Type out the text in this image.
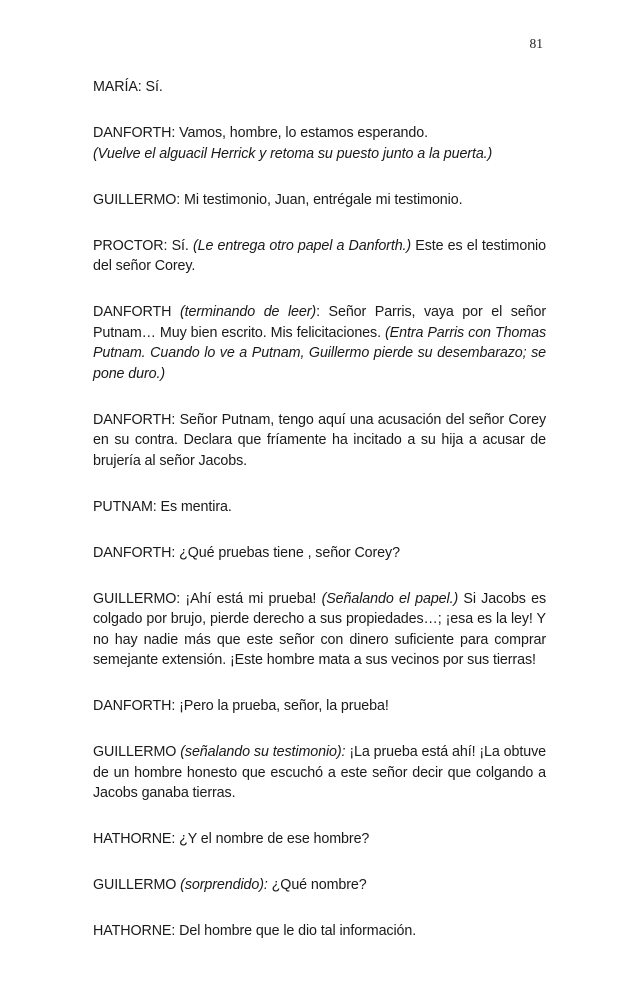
81

MARÍA: Sí.

DANFORTH: Vamos, hombre, lo estamos esperando.

(Vuelve el alguacil Herrick y retoma su puesto junto a la puerta.)

GUILLERMO: Mi testimonio, Juan, entrégale mi testimonio.

PROCTOR: Sí. (Le entrega otro papel a Danforth.) Este es el testimonio del señor Corey.

DANFORTH (terminando de leer): Señor Parris, vaya por el señor Putnam… Muy bien escrito. Mis felicitaciones. (Entra Parris con Thomas Putnam. Cuando lo ve a Putnam, Guillermo pierde su desembarazo; se pone duro.)

DANFORTH: Señor Putnam, tengo aquí una acusación del señor Corey en su contra. Declara que fríamente ha incitado a su hija a acusar de brujería al señor Jacobs.

PUTNAM: Es mentira.

DANFORTH: ¿Qué pruebas tiene , señor Corey?

GUILLERMO: ¡Ahí está mi prueba! (Señalando el papel.) Si Jacobs es colgado por brujo, pierde derecho a sus propiedades…; ¡esa es la ley! Y no hay nadie más que este señor con dinero suficiente para comprar semejante extensión. ¡Este hombre mata a sus vecinos por sus tierras!

DANFORTH: ¡Pero la prueba, señor, la prueba!

GUILLERMO (señalando su testimonio): ¡La prueba está ahí! ¡La obtuve de un hombre honesto que escuchó a este señor decir que colgando a Jacobs ganaba tierras.

HATHORNE: ¿Y el nombre de ese hombre?

GUILLERMO (sorprendido): ¿Qué nombre?

HATHORNE: Del hombre que le dio tal información.
